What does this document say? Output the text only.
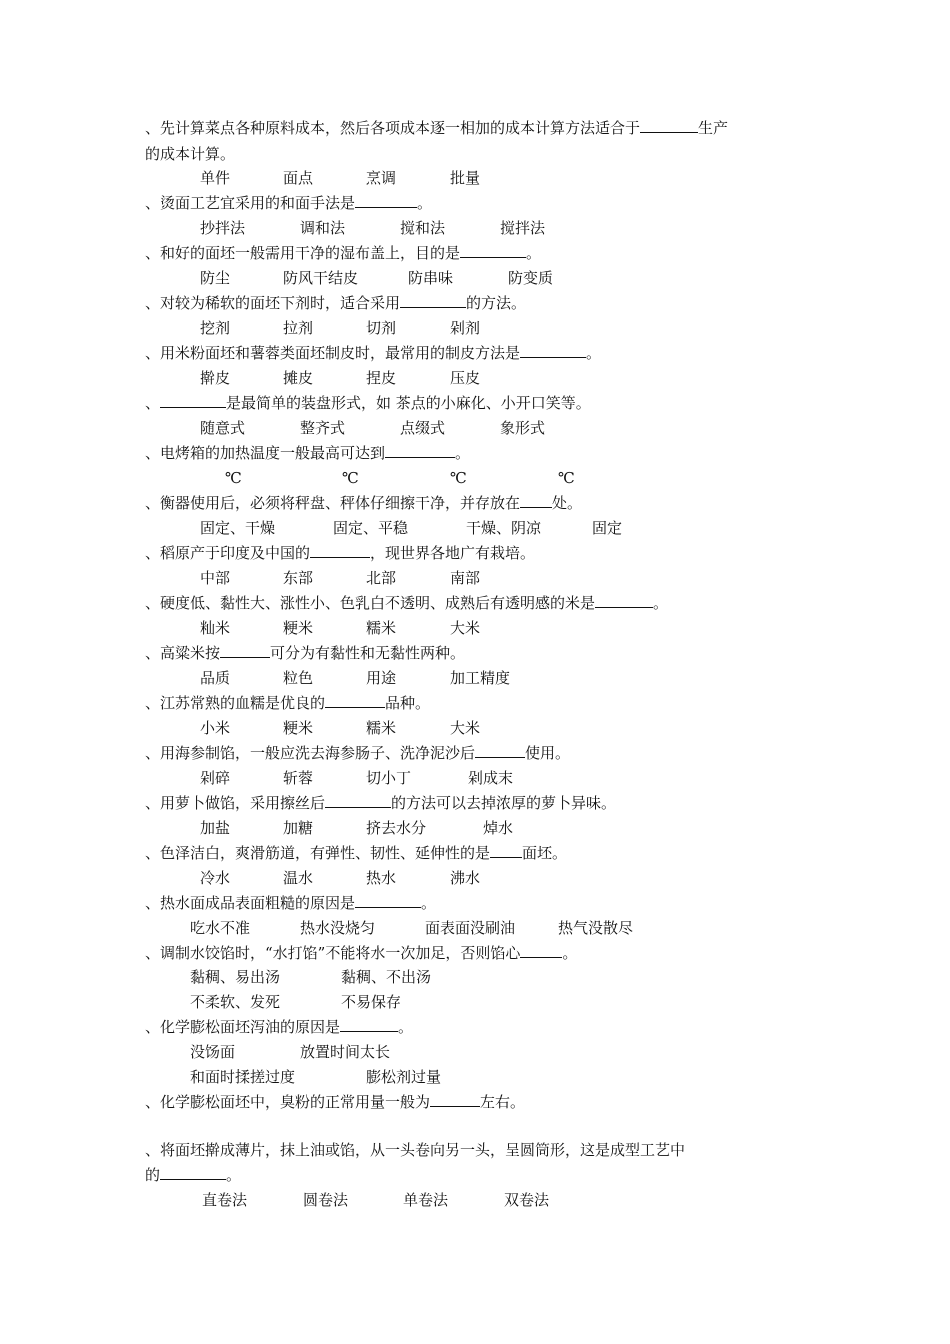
、先计算菜点各种原料成本，然后各项成本逐一相加的成本计算方法适合于	生产
的成本计算。
单件	面点	烹调	批量
、烫面工艺宜采用的和面手法是	。
抄拌法	调和法	搅和法	搅拌法
、和好的面坯一般需用干净的湿布盖上，目的是	。
防尘	防风干结皮	防串味	防变质
、对较为稀软的面坯下剂时，适合采用	的方法。
挖剂	拉剂	切剂	剁剂
、用米粉面坯和薯蓉类面坯制皮时，最常用的制皮方法是	。
擀皮	摊皮	捏皮	压皮
、	是最简单的装盘形式，如 茶点的小麻化、小开口笑等。
随意式	整齐式	点缀式	象形式
、电烤箱的加热温度一般最高可达到	。
℃	℃	℃	℃
、衡器使用后，必须将秤盘、秤体仔细擦干净，并存放在 处。
固定、干燥	固定、平稳	干燥、阴凉	固定
、稻原产于印度及中国的	，现世界各地广有栽培。
中部	东部	北部	南部
、硬度低、黏性大、涨性小、色乳白不透明、成熟后有透明感的米是	。
籼米	粳米	糯米	大米
、高粱米按	可分为有黏性和无黏性两种。
品质	粒色	用途	加工精度
、江苏常熟的血糯是优良的	品种。
小米	粳米	糯米	大米
、用海参制馅，一般应洗去海参肠子、洗净泥沙后	使用。
剁碎	斩蓉	切小丁	剁成末
、用萝卜做馅，采用擦丝后	的方法可以去掉浓厚的萝卜异味。
加盐	加糖	挤去水分	焯水
、色泽洁白，爽滑筋道，有弹性、韧性、延伸性的是 面坯。
冷水	温水	热水	沸水
、热水面成品表面粗糙的原因是	。
吃水不准	热水没烧匀	面表面没刷油	热气没散尽
、调制水饺馅时，“水打馅”不能将水一次加足，否则馅心	。
黏稠、易出汤	黏稠、不出汤
不柔软、发死	不易保存
、化学膨松面坯泻油的原因是	。
没饧面	放置时间太长
和面时揉搓过度	膨松剂过量
、化学膨松面坯中，臭粉的正常用量一般为	左右。
、将面坯擀成薄片，抹上油或馅，从一头卷向另一头，呈圆筒形，这是成型工艺中
的	。
直卷法	圆卷法	单卷法	双卷法
